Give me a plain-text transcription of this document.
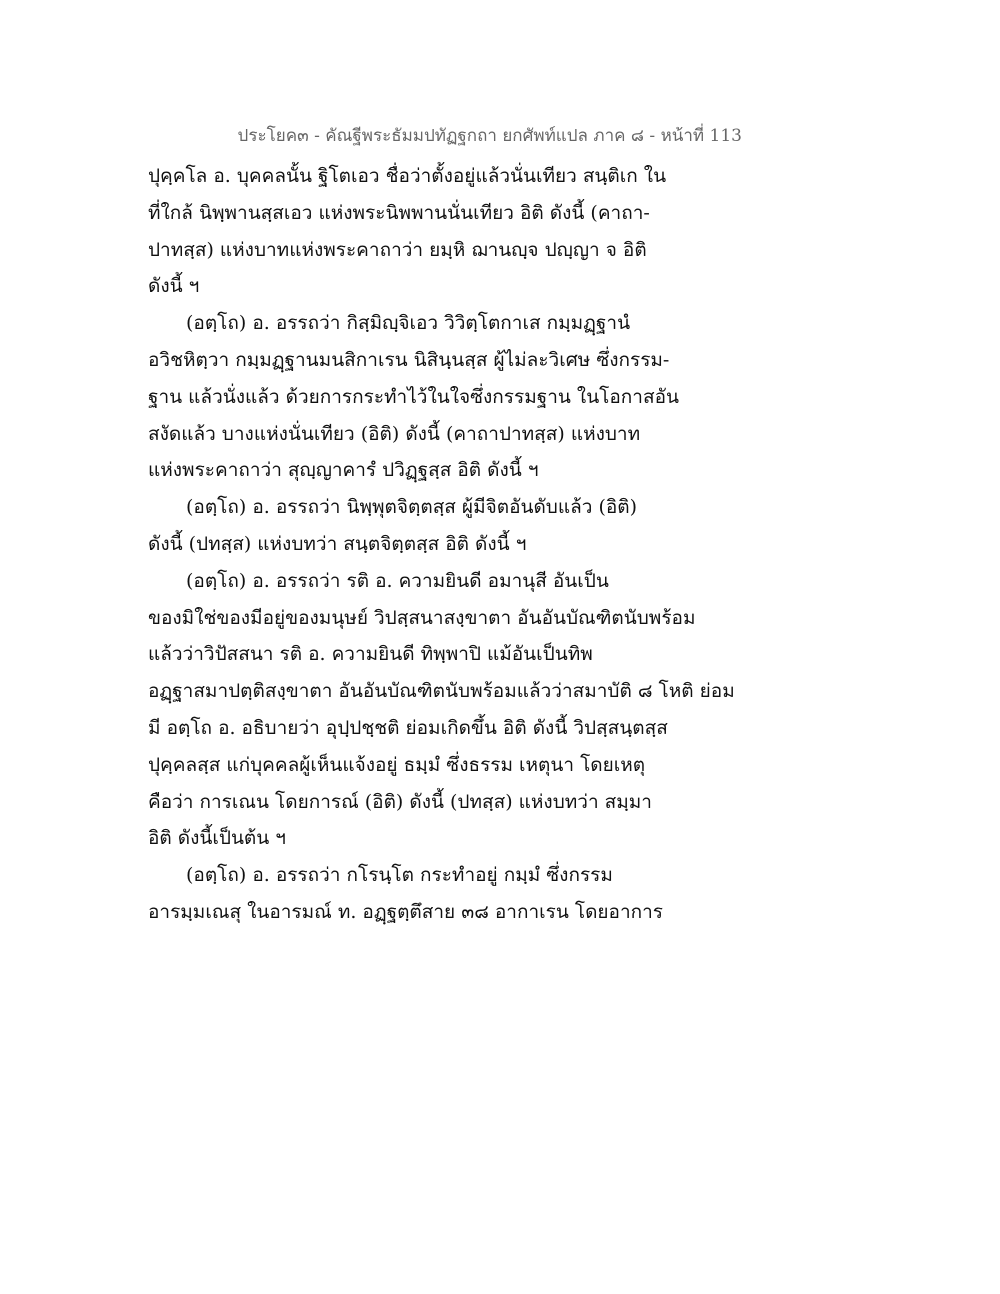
ประโยค๓ - คัณฐีพระธัมมปทัฏฐกถา ยกศัพท์แปล ภาค ๘ - หน้าที่ 113
ปุคฺคโล อ. บุคคลนั้น ฐิโตเอว ชื่อว่าตั้งอยู่แล้วนั่นเทียว สนฺติเก ใน
ที่ใกล้ นิพฺพานสฺสเอว แห่งพระนิพพานนั่นเทียว อิติ ดังนี้ (คาถา-
ปาทสฺส) แห่งบาทแห่งพระคาถาว่า ยมฺหิ ฌานญฺจ ปญฺญา จ อิติ
ดังนี้ ฯ
(อตฺโถ) อ. อรรถว่า กิสฺมิญฺจิเอว วิวิตฺโตกาเส กมฺมฏฺฐานํ
อวิชหิตฺวา กมฺมฏฺฐานมนสิกาเรน นิสินฺนสฺส ผู้ไม่ละวิเศษ ซึ่งกรรม-
ฐาน แล้วนั่งแล้ว ด้วยการกระทำไว้ในใจซึ่งกรรมฐาน ในโอกาสอัน
สงัดแล้ว บางแห่งนั่นเทียว (อิติ) ดังนี้ (คาถาปาทสฺส) แห่งบาท
แห่งพระคาถาว่า สุญฺญาคารํ ปวิฏฺฐสฺส อิติ ดังนี้ ฯ
(อตฺโถ) อ. อรรถว่า นิพฺพุตจิตฺตสฺส ผู้มีจิตอันดับแล้ว (อิติ)
ดังนี้ (ปทสฺส) แห่งบทว่า สนฺตจิตฺตสฺส อิติ ดังนี้ ฯ
(อตฺโถ) อ. อรรถว่า รติ อ. ความยินดี อมานุสี อันเป็น
ของมิใช่ของมีอยู่ของมนุษย์ วิปสฺสนาสงฺขาตา อันอันบัณฑิตนับพร้อม
แล้วว่าวิปัสสนา รติ อ. ความยินดี ทิพฺพาปิ แม้อันเป็นทิพ
อฏฺฐาสมาปตฺติสงฺขาตา อันอันบัณฑิตนับพร้อมแล้วว่าสมาบัติ ๘ โหติ ย่อม
มี อตฺโถ อ. อธิบายว่า อุปฺปชฺชติ ย่อมเกิดขึ้น อิติ ดังนี้ วิปสฺสนฺตสฺส
ปุคฺคลสฺส แก่บุคคลผู้เห็นแจ้งอยู่ ธมฺมํ ซึ่งธรรม เหตุนา โดยเหตุ
คือว่า การเณน โดยการณ์ (อิติ) ดังนี้ (ปทสฺส) แห่งบทว่า สมฺมา
อิติ ดังนี้เป็นต้น ฯ
(อตฺโถ) อ. อรรถว่า กโรนฺโต กระทำอยู่ กมฺมํ ซึ่งกรรม
อารมฺมเณสุ ในอารมณ์ ท. อฏฺฐตฺตึสาย ๓๘ อากาเรน โดยอาการ
